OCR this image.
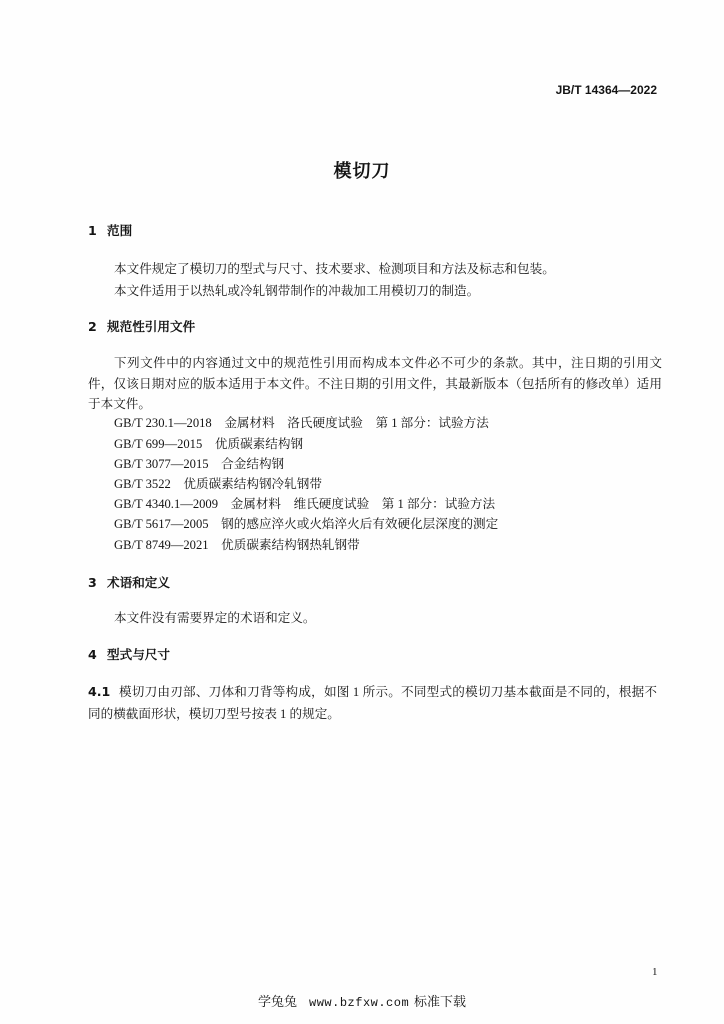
JB/T 14364—2022
模切刀
1 范围
本文件规定了模切刀的型式与尺寸、技术要求、检测项目和方法及标志和包装。
本文件适用于以热轧或冷轧钢带制作的冲裁加工用模切刀的制造。
2 规范性引用文件
下列文件中的内容通过文中的规范性引用而构成本文件必不可少的条款。其中，注日期的引用文
件，仅该日期对应的版本适用于本文件。不注日期的引用文件，其最新版本（包括所有的修改单）适用
于本文件。
GB/T 230.1—2018 金属材料　洛氏硬度试验　第 1 部分：试验方法
GB/T 699—2015 优质碳素结构钢
GB/T 3077—2015 合金结构钢
GB/T 3522 优质碳素结构钢冷轧钢带
GB/T 4340.1—2009 金属材料　维氏硬度试验　第 1 部分：试验方法
GB/T 5617—2005 钢的感应淬火或火焰淬火后有效硬化层深度的测定
GB/T 8749—2021 优质碳素结构钢热轧钢带
3 术语和定义
本文件没有需要界定的术语和定义。
4 型式与尺寸
4.1 模切刀由刃部、刀体和刀背等构成，如图 1 所示。不同型式的模切刀基本截面是不同的，根据不
同的横截面形状，模切刀型号按表 1 的规定。
1
学兔兔 www.bzfxw.com 标准下载
